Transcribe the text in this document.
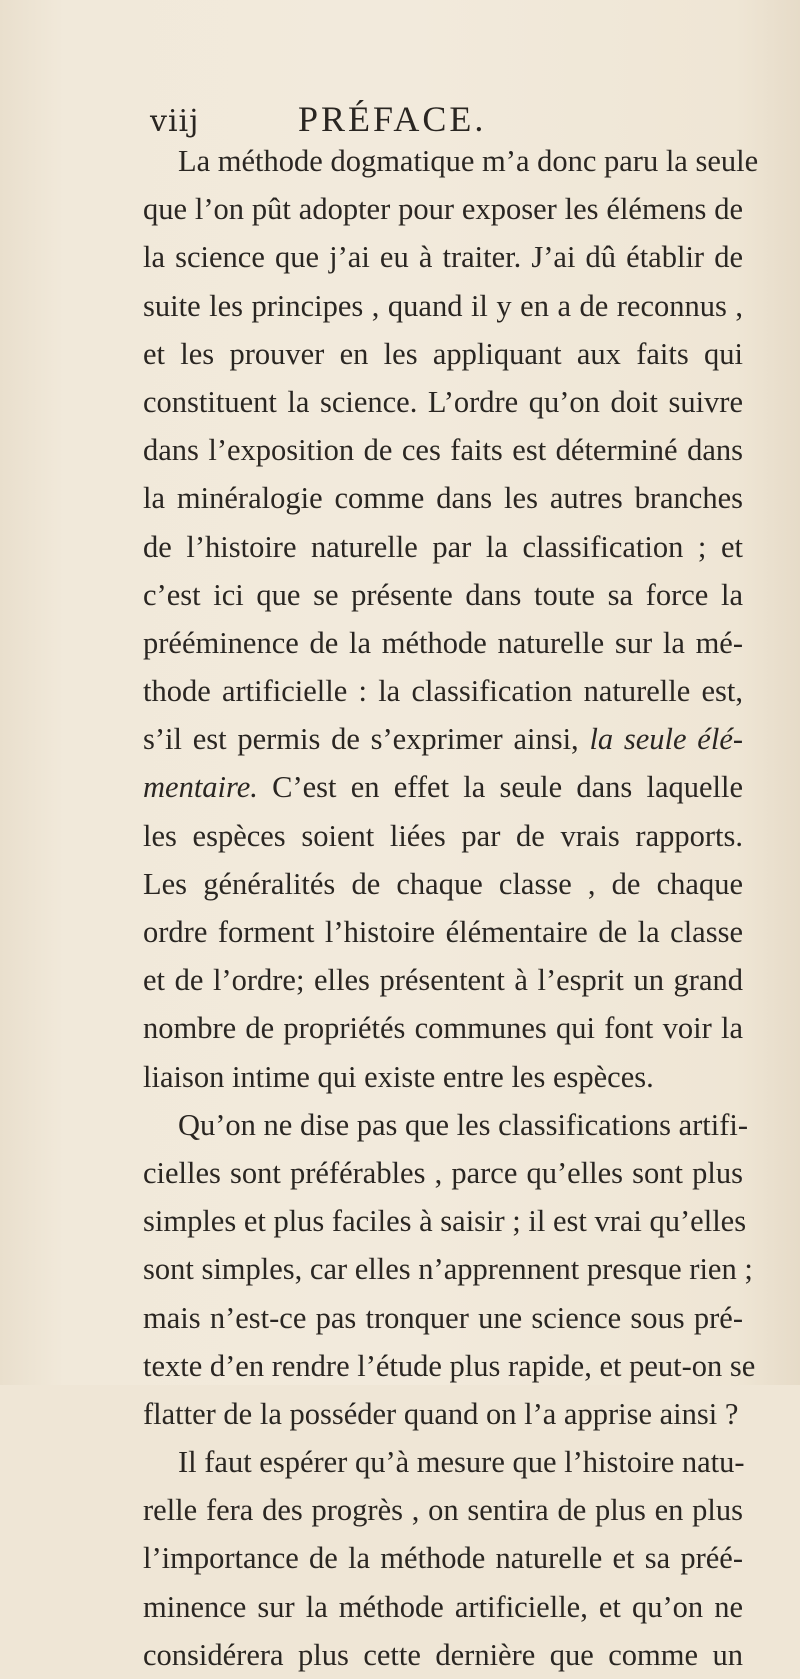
viij	PRÉFACE.
La méthode dogmatique m’a donc paru la seule
que l’on pût adopter pour exposer les élémens de
la science que j’ai eu à traiter. J’ai dû établir de
suite les principes , quand il y en a de reconnus ,
et les prouver en les appliquant aux faits qui
constituent la science. L’ordre qu’on doit suivre
dans l’exposition de ces faits est déterminé dans
la minéralogie comme dans les autres branches
de l’histoire naturelle par la classification ; et
c’est ici que se présente dans toute sa force la
prééminence de la méthode naturelle sur la mé-
thode artificielle : la classification naturelle est,
s’il est permis de s’exprimer ainsi, la seule élé-
mentaire. C’est en effet la seule dans laquelle
les espèces soient liées par de vrais rapports.
Les généralités de chaque classe , de chaque
ordre forment l’histoire élémentaire de la classe
et de l’ordre; elles présentent à l’esprit un grand
nombre de propriétés communes qui font voir la
liaison intime qui existe entre les espèces.
Qu’on ne dise pas que les classifications artifi-
cielles sont préférables , parce qu’elles sont plus
simples et plus faciles à saisir ; il est vrai qu’elles
sont simples, car elles n’apprennent presque rien ;
mais n’est-ce pas tronquer une science sous pré-
texte d’en rendre l’étude plus rapide, et peut-on se
flatter de la posséder quand on l’a apprise ainsi ?
Il faut espérer qu’à mesure que l’histoire natu-
relle fera des progrès , on sentira de plus en plus
l’importance de la méthode naturelle et sa préé-
minence sur la méthode artificielle, et qu’on ne
considérera plus cette dernière que comme un
